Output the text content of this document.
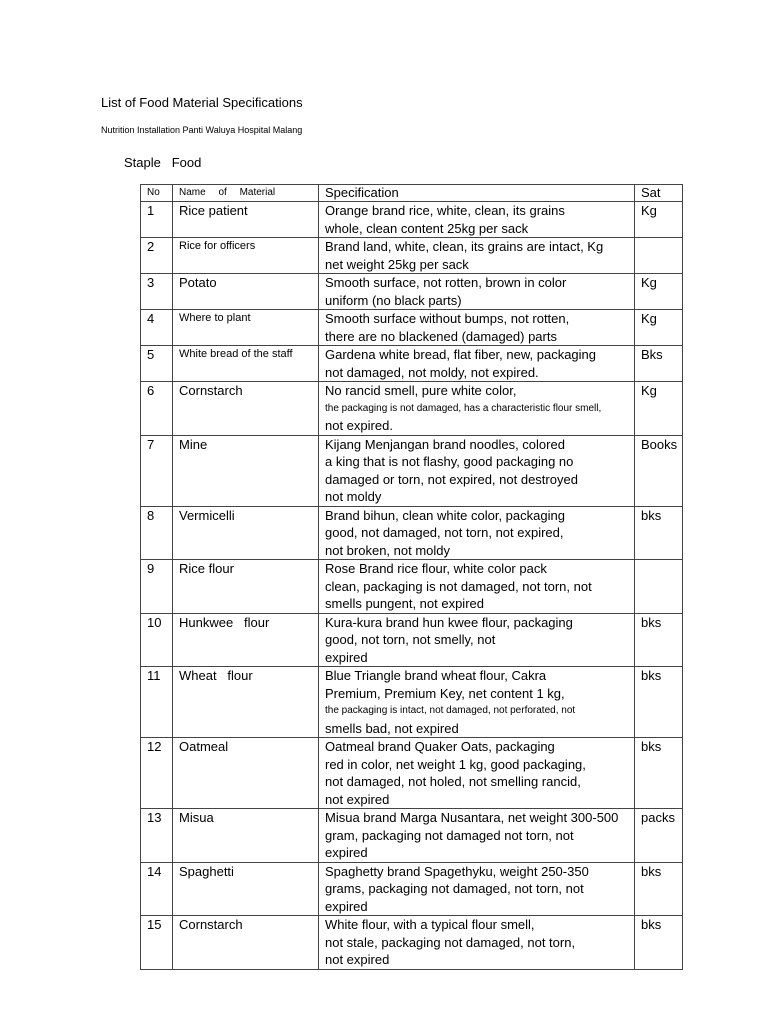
List of Food Material Specifications

Nutrition Installation Panti Waluya Hospital Malang

Staple   Food
No	Name of Material	Specification	Sat
1	Rice patient	Orange brand rice, white, clean, its grains
whole, clean content 25kg per sack	Kg
2	Rice for officers	Brand land, white, clean, its grains are intact, Kg
net weight 25kg per sack	

3	Potato	Smooth surface, not rotten, brown in color
uniform (no black parts)	Kg
4	Where to plant	Smooth surface without bumps, not rotten,
there are no blackened (damaged) parts	Kg
5	White bread of the staff	Gardena white bread, flat fiber, new, packaging
not damaged, not moldy, not expired.	Bks
6	Cornstarch	No rancid smell, pure white color,
the packaging is not damaged, has a characteristic flour smell,
not expired.	Kg
7	Mine	Kijang Menjangan brand noodles, colored
a king that is not flashy, good packaging no
damaged or torn, not expired, not destroyed
not moldy	Books
8	Vermicelli	Brand bihun, clean white color, packaging
good, not damaged, not torn, not expired,
not broken, not moldy	bks
9	Rice flour	Rose Brand rice flour, white color pack
clean, packaging is not damaged, not torn, not
smells pungent, not expired	

10	Hunkwee   flour	Kura-kura brand hun kwee flour, packaging
good, not torn, not smelly, not
expired	bks
11	Wheat   flour	Blue Triangle brand wheat flour, Cakra
Premium, Premium Key, net content 1 kg,
the packaging is intact, not damaged, not perforated, not
smells bad, not expired	bks
12	Oatmeal	Oatmeal brand Quaker Oats, packaging
red in color, net weight 1 kg, good packaging,
not damaged, not holed, not smelling rancid,
not expired	bks
13	Misua	Misua brand Marga Nusantara, net weight 300-500
gram, packaging not damaged not torn, not
expired	packs
14	Spaghetti	Spaghetty brand Spagethyku, weight 250-350
grams, packaging not damaged, not torn, not
expired	bks
15	Cornstarch	White flour, with a typical flour smell,
not stale, packaging not damaged, not torn,
not expired	bks
